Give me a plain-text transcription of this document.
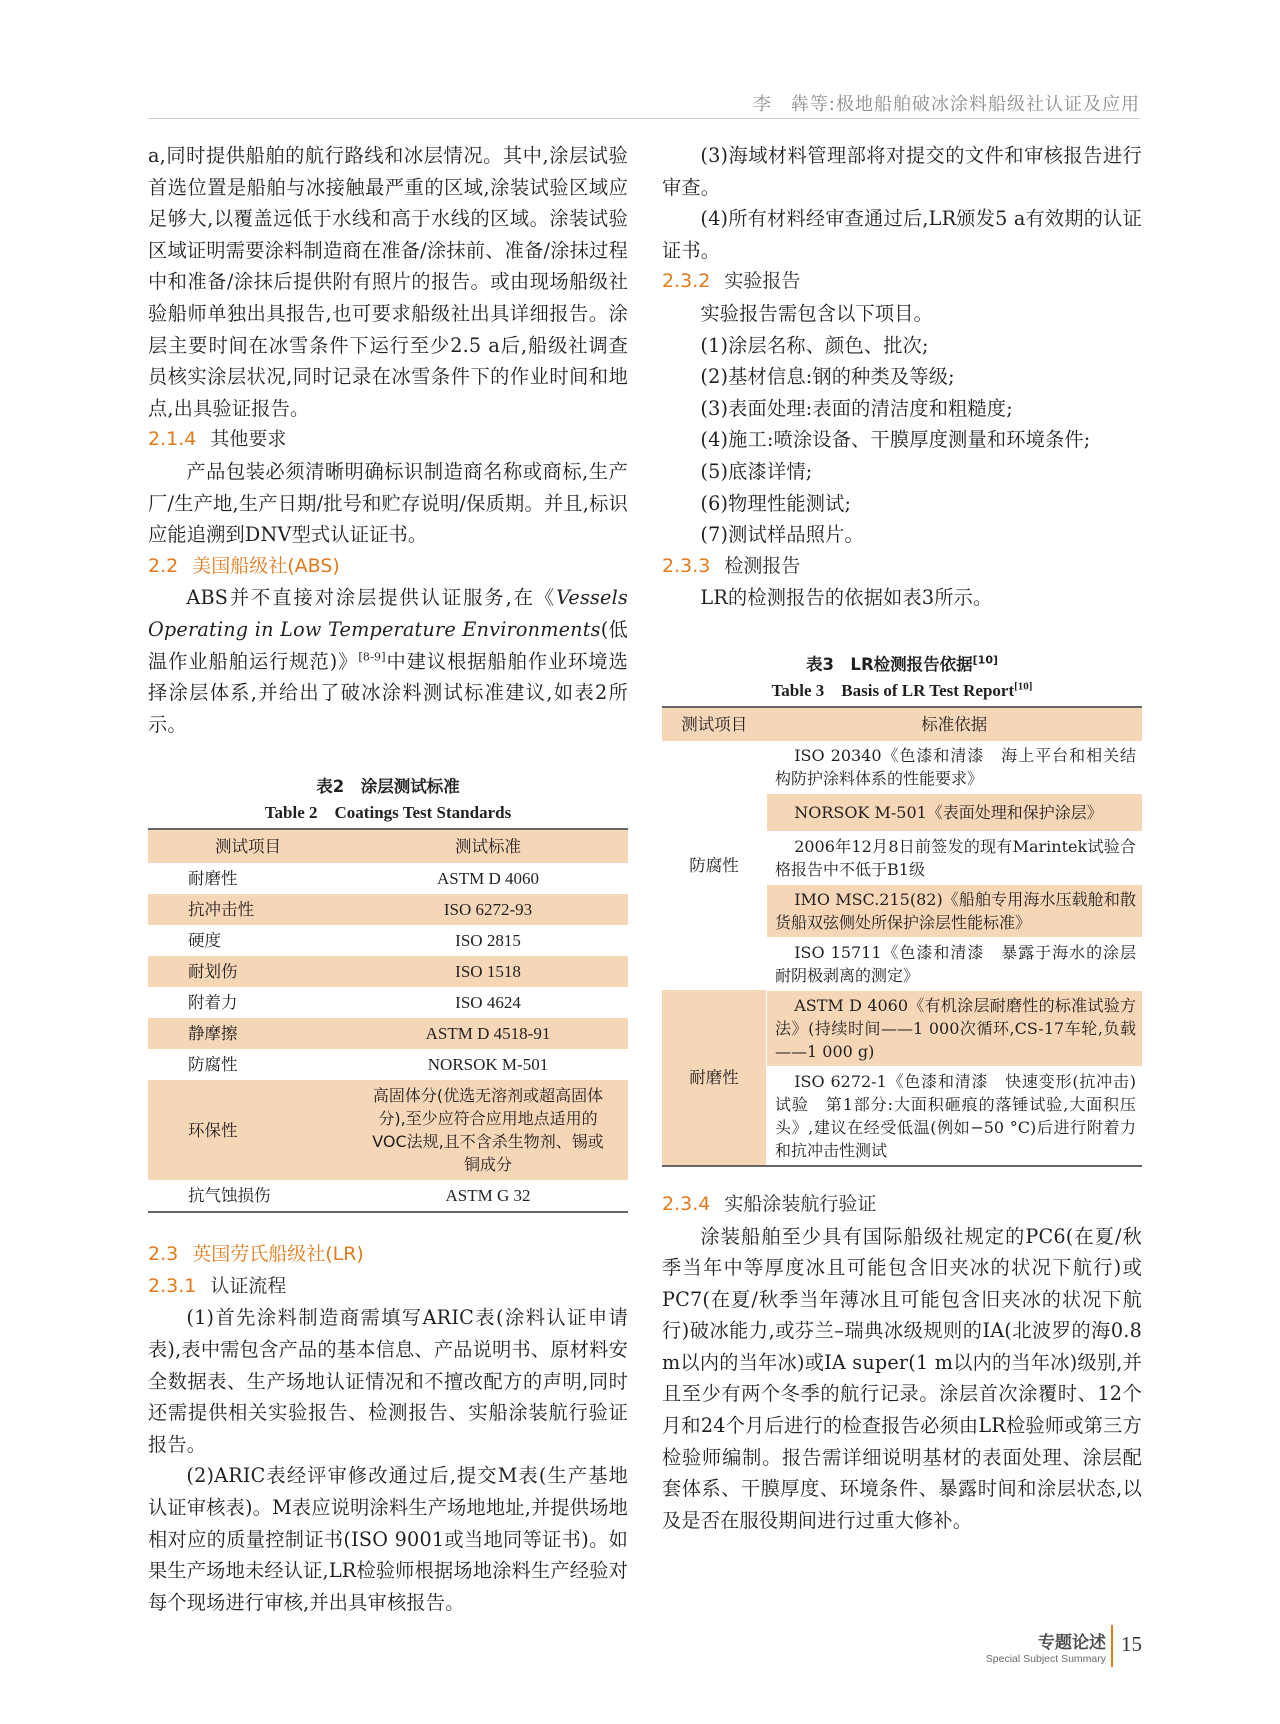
李　犇等:极地船舶破冰涂料船级社认证及应用

a,同时提供船舶的航行路线和冰层情况。其中,涂层试验首选位置是船舶与冰接触最严重的区域,涂装试验区域应足够大,以覆盖远低于水线和高于水线的区域。涂装试验区域证明需要涂料制造商在准备/涂抹前、准备/涂抹过程中和准备/涂抹后提供附有照片的报告。或由现场船级社验船师单独出具报告,也可要求船级社出具详细报告。涂层主要时间在冰雪条件下运行至少2.5 a后,船级社调查员核实涂层状况,同时记录在冰雪条件下的作业时间和地点,出具验证报告。

2.1.4 其他要求

产品包装必须清晰明确标识制造商名称或商标,生产厂/生产地,生产日期/批号和贮存说明/保质期。并且,标识应能追溯到DNV型式认证证书。

2.2 美国船级社(ABS)

ABS并不直接对涂层提供认证服务,在《Vessels Operating in Low Temperature Environments(低温作业船舶运行规范)》[8-9]中建议根据船舶作业环境选择涂层体系,并给出了破冰涂料测试标准建议,如表2所示。

表2　涂层测试标准

Table 2　Coatings Test Standards

测试项目	测试标准
耐磨性	ASTM D 4060
抗冲击性	ISO 6272-93
硬度	ISO 2815
耐划伤	ISO 1518
附着力	ISO 4624
静摩擦	ASTM D 4518-91
防腐性	NORSOK M-501
环保性	高固体分(优选无溶剂或超高固体分),至少应符合应用地点适用的VOC法规,且不含杀生物剂、锡或铜成分
抗气蚀损伤	ASTM G 32
2.3 英国劳氏船级社(LR)
2.3.1 认证流程

(1)首先涂料制造商需填写ARIC表(涂料认证申请表),表中需包含产品的基本信息、产品说明书、原材料安全数据表、生产场地认证情况和不擅改配方的声明,同时还需提供相关实验报告、检测报告、实船涂装航行验证报告。

(2)ARIC表经评审修改通过后,提交M表(生产基地认证审核表)。M表应说明涂料生产场地地址,并提供场地相对应的质量控制证书(ISO 9001或当地同等证书)。如果生产场地未经认证,LR检验师根据场地涂料生产经验对每个现场进行审核,并出具审核报告。

(3)海域材料管理部将对提交的文件和审核报告进行审查。

(4)所有材料经审查通过后,LR颁发5 a有效期的认证证书。

2.3.2 实验报告

实验报告需包含以下项目。

(1)涂层名称、颜色、批次;

(2)基材信息:钢的种类及等级;

(3)表面处理:表面的清洁度和粗糙度;

(4)施工:喷涂设备、干膜厚度测量和环境条件;

(5)底漆详情;

(6)物理性能测试;

(7)测试样品照片。

2.3.3 检测报告

LR的检测报告的依据如表3所示。

表3　LR检测报告依据[10]

Table 3　Basis of LR Test Report[10]

测试项目	标准依据
防腐性	ISO 20340《色漆和清漆　海上平台和相关结构防护涂料体系的性能要求》
	NORSOK M-501《表面处理和保护涂层》
	2006年12月8日前签发的现有Marintek试验合格报告中不低于B1级
	IMO MSC.215(82)《船舶专用海水压载舱和散货船双弦侧处所保护涂层性能标准》
	ISO 15711《色漆和清漆　暴露于海水的涂层耐阴极剥离的测定》
耐磨性	ASTM D 4060《有机涂层耐磨性的标准试验方法》(持续时间——1 000次循环,CS-17车轮,负载——1 000 g)
	ISO 6272-1《色漆和清漆　快速变形(抗冲击)试验　第1部分:大面积砸痕的落锤试验,大面积压头》,建议在经受低温(例如−50 °C)后进行附着力和抗冲击性测试
2.3.4 实船涂装航行验证

涂装船舶至少具有国际船级社规定的PC6(在夏/秋季当年中等厚度冰且可能包含旧夹冰的状况下航行)或PC7(在夏/秋季当年薄冰且可能包含旧夹冰的状况下航行)破冰能力,或芬兰–瑞典冰级规则的IA(北波罗的海0.8 m以内的当年冰)或IA super(1 m以内的当年冰)级别,并且至少有两个冬季的航行记录。涂层首次涂覆时、12个月和24个月后进行的检查报告必须由LR检验师或第三方检验师编制。报告需详细说明基材的表面处理、涂层配套体系、干膜厚度、环境条件、暴露时间和涂层状态,以及是否在服役期间进行过重大修补。

专题论述
Special Subject Summary
15
